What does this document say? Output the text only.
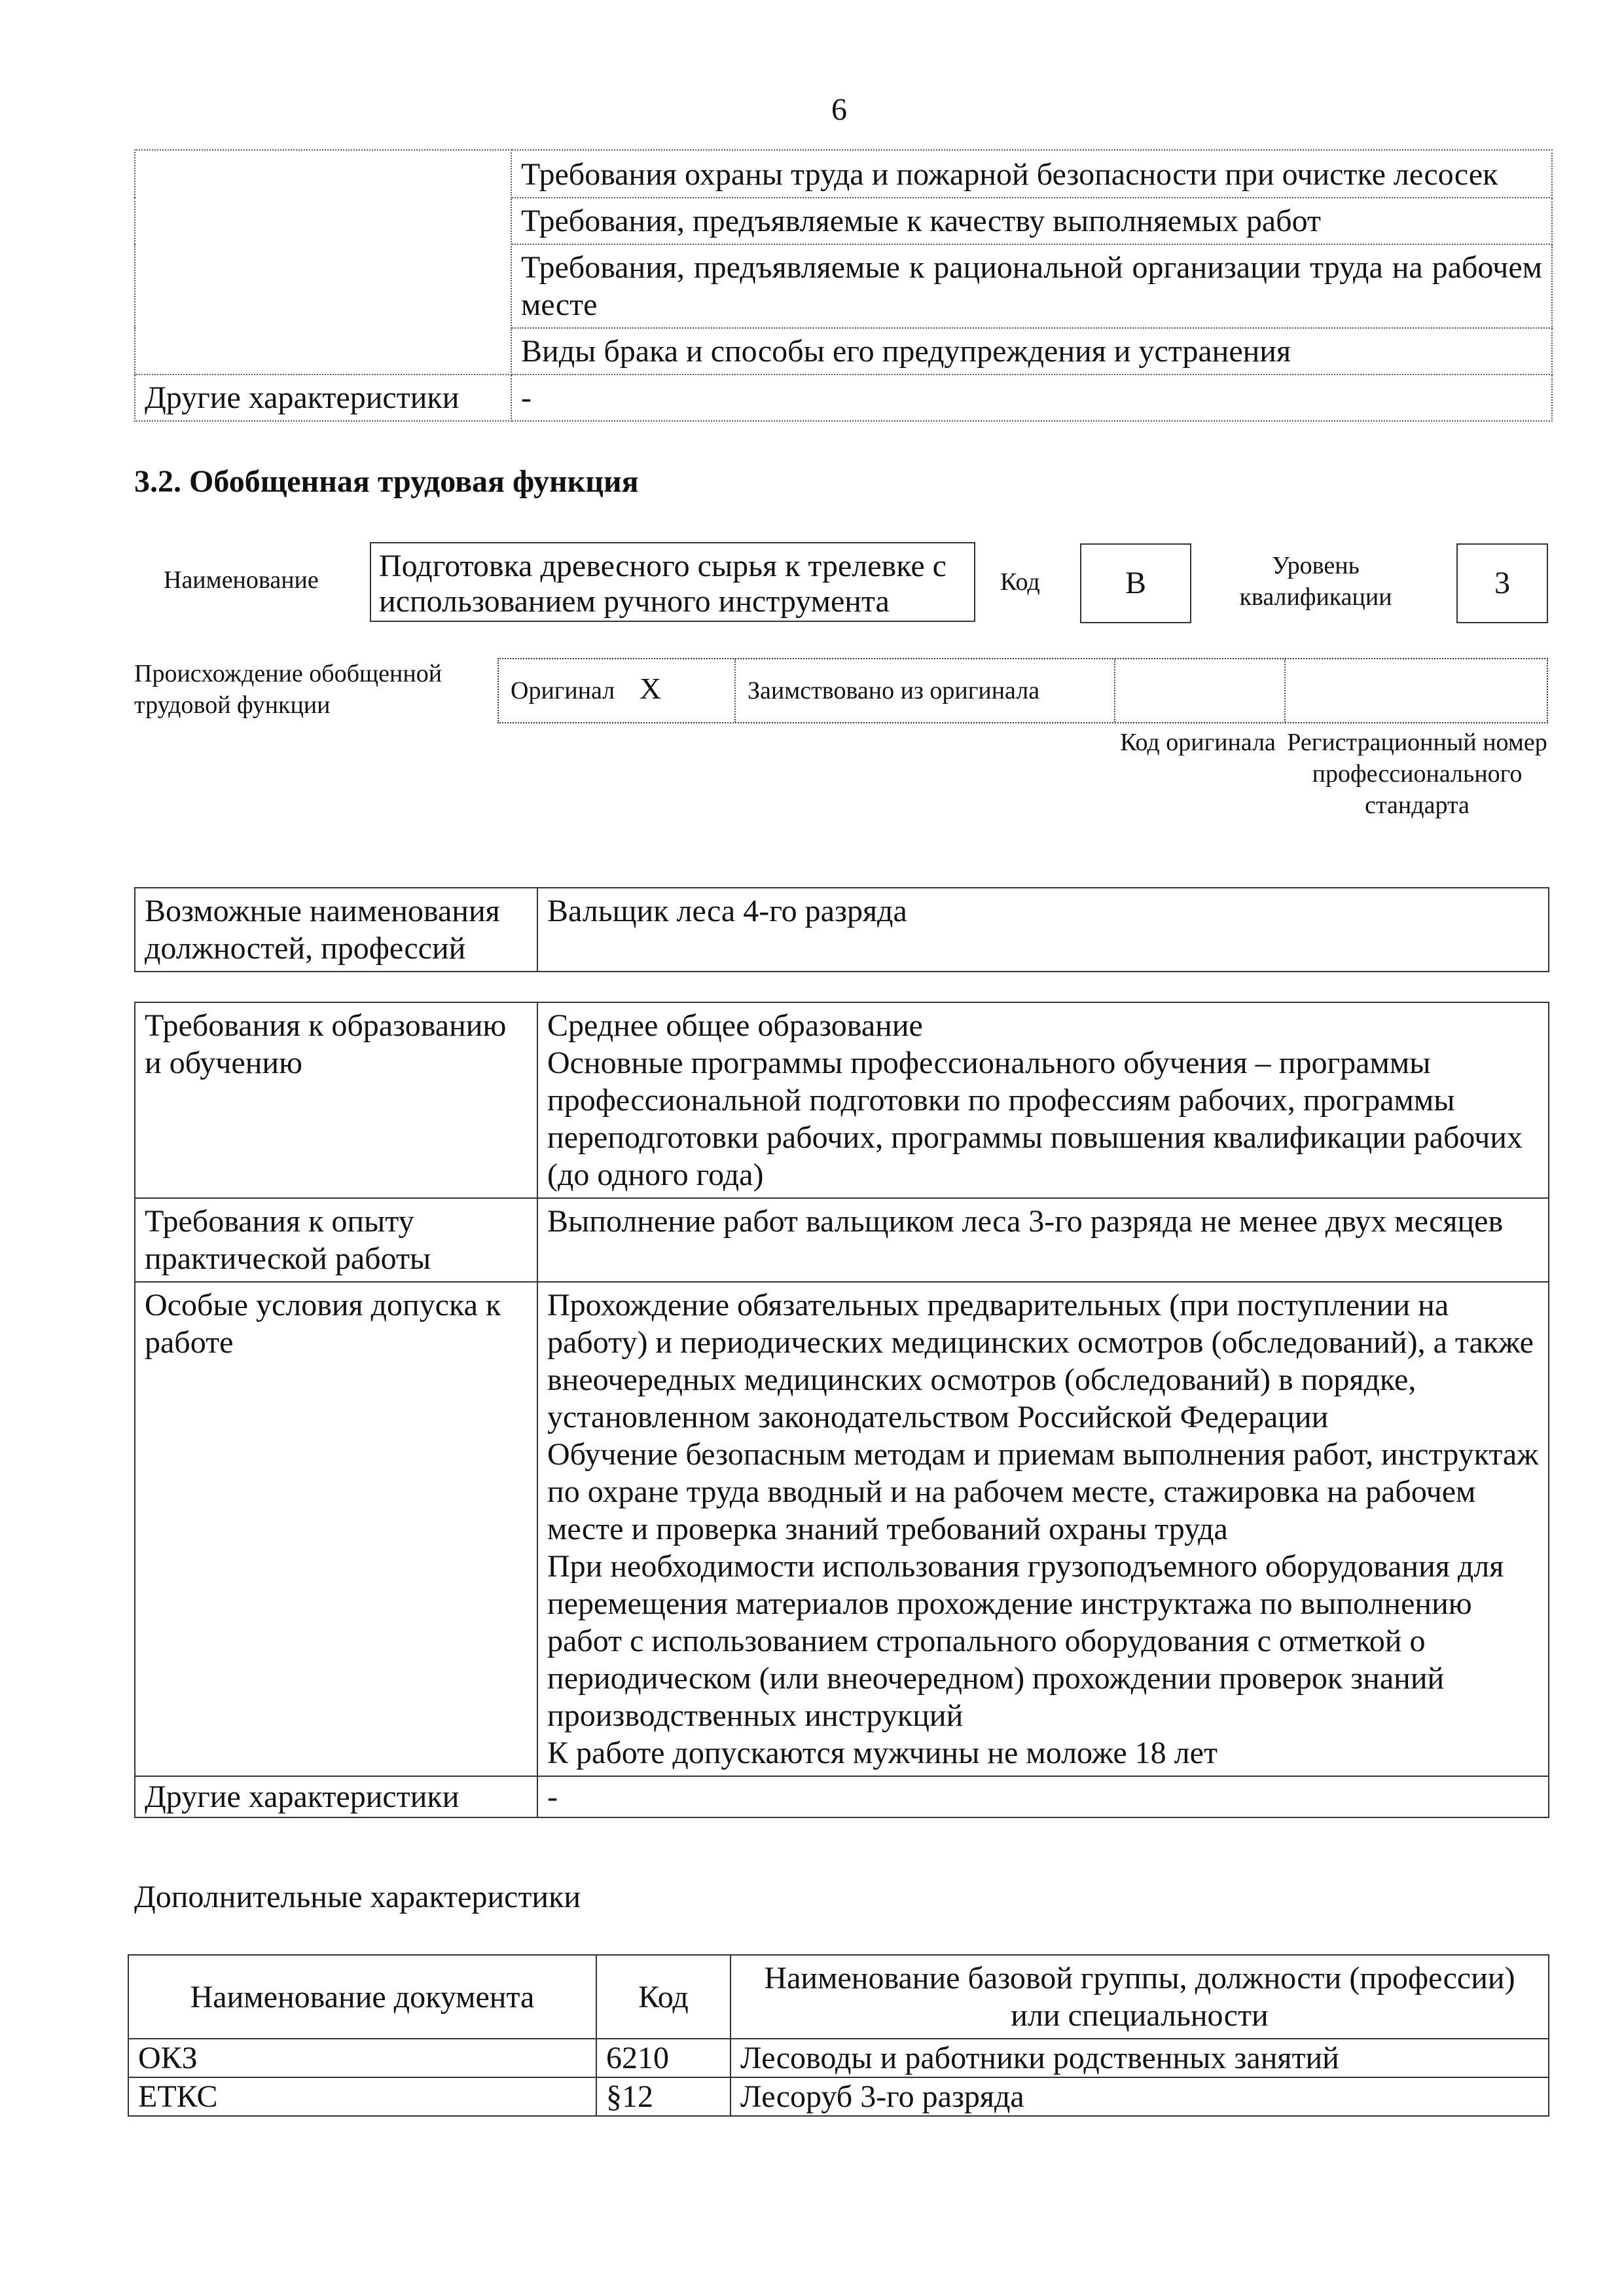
6
	Требования охраны труда и пожарной безопасности при очистке лесосек
	Требования, предъявляемые к качеству выполняемых работ
	Требования, предъявляемые к рациональной организации труда на рабочем месте
	Виды брака и способы его предупреждения и устранения
Другие характеристики	-
3.2. Обобщенная трудовая функция
Наименование Подготовка древесного сырья к трелевке с использованием ручного инструмента
Код	B	Уровень квалификации	3
Происхождение обобщенной трудовой функции
Оригинал X	Заимствовано из оригинала
Код оригинала Регистрационный номер профессионального стандарта
Возможные наименования должностей, профессий	Вальщик леса 4-го разряда
Требования к образованию и обучению	Среднее общее образование
Основные программы профессионального обучения – программы профессиональной подготовки по профессиям рабочих, программы переподготовки рабочих, программы повышения квалификации рабочих (до одного года)

Требования к опыту практической работы	Выполнение работ вальщиком леса 3-го разряда не менее двух месяцев
Особые условия допуска к работе	Прохождение обязательных предварительных (при поступлении на работу) и периодических медицинских осмотров (обследований), а также внеочередных медицинских осмотров (обследований) в порядке, установленном законодательством Российской Федерации
Обучение безопасным методам и приемам выполнения работ, инструктаж по охране труда вводный и на рабочем месте, стажировка на рабочем месте и проверка знаний требований охраны труда
При необходимости использования грузоподъемного оборудования для перемещения материалов прохождение инструктажа по выполнению работ с использованием стропального оборудования с отметкой о периодическом (или внеочередном) прохождении проверок знаний производственных инструкций
К работе допускаются мужчины не моложе 18 лет

Другие характеристики	-
Дополнительные характеристики
Наименование документа	Код	Наименование базовой группы, должности (профессии) или специальности
ОКЗ	6210	Лесоводы и работники родственных занятий
ЕТКС	§12	Лесоруб 3-го разряда
